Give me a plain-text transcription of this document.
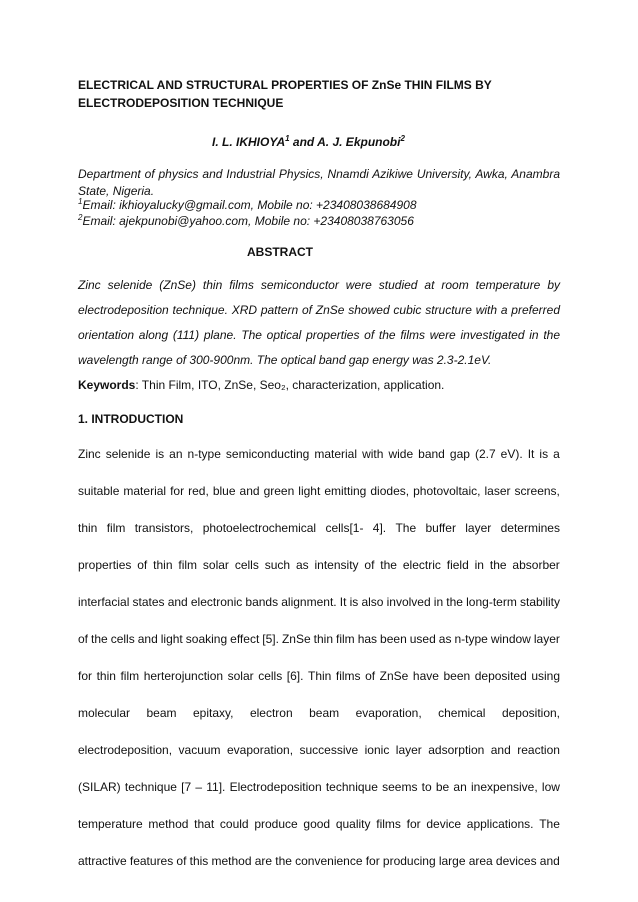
ELECTRICAL AND STRUCTURAL PROPERTIES OF ZnSe THIN FILMS BY ELECTRODEPOSITION TECHNIQUE
I. L. IKHIOYA$^1$ and A. J. Ekpunobi$^2$
Department of physics and Industrial Physics, Nnamdi Azikiwe University, Awka, Anambra State, Nigeria.
$^1$Email: ikhioyalucky@gmail.com, Mobile no: +23408038684908
$^2$Email: ajekpunobi@yahoo.com, Mobile no: +23408038763056
ABSTRACT
Zinc selenide (ZnSe) thin films semiconductor were studied at room temperature by electrodeposition technique. XRD pattern of ZnSe showed cubic structure with a preferred orientation along (111) plane. The optical properties of the films were investigated in the wavelength range of 300-900nm. The optical band gap energy was 2.3-2.1eV.
Keywords: Thin Film, ITO, ZnSe, Seo₂, characterization, application.
1. INTRODUCTION
Zinc selenide is an n-type semiconducting material with wide band gap (2.7 eV). It is a
suitable material for red, blue and green light emitting diodes, photovoltaic, laser screens,
thin film transistors, photoelectrochemical cells[1- 4]. The buffer layer determines
properties of thin film solar cells such as intensity of the electric field in the absorber
interfacial states and electronic bands alignment. It is also involved in the long-term stability
of the cells and light soaking effect [5]. ZnSe thin film has been used as n-type window layer
for thin film herterojunction solar cells [6]. Thin films of ZnSe have been deposited using
molecular beam epitaxy, electron beam evaporation, chemical deposition,
electrodeposition, vacuum evaporation, successive ionic layer adsorption and reaction
(SILAR) technique [7 – 11]. Electrodeposition technique seems to be an inexpensive, low
temperature method that could produce good quality films for device applications. The
attractive features of this method are the convenience for producing large area devices and
